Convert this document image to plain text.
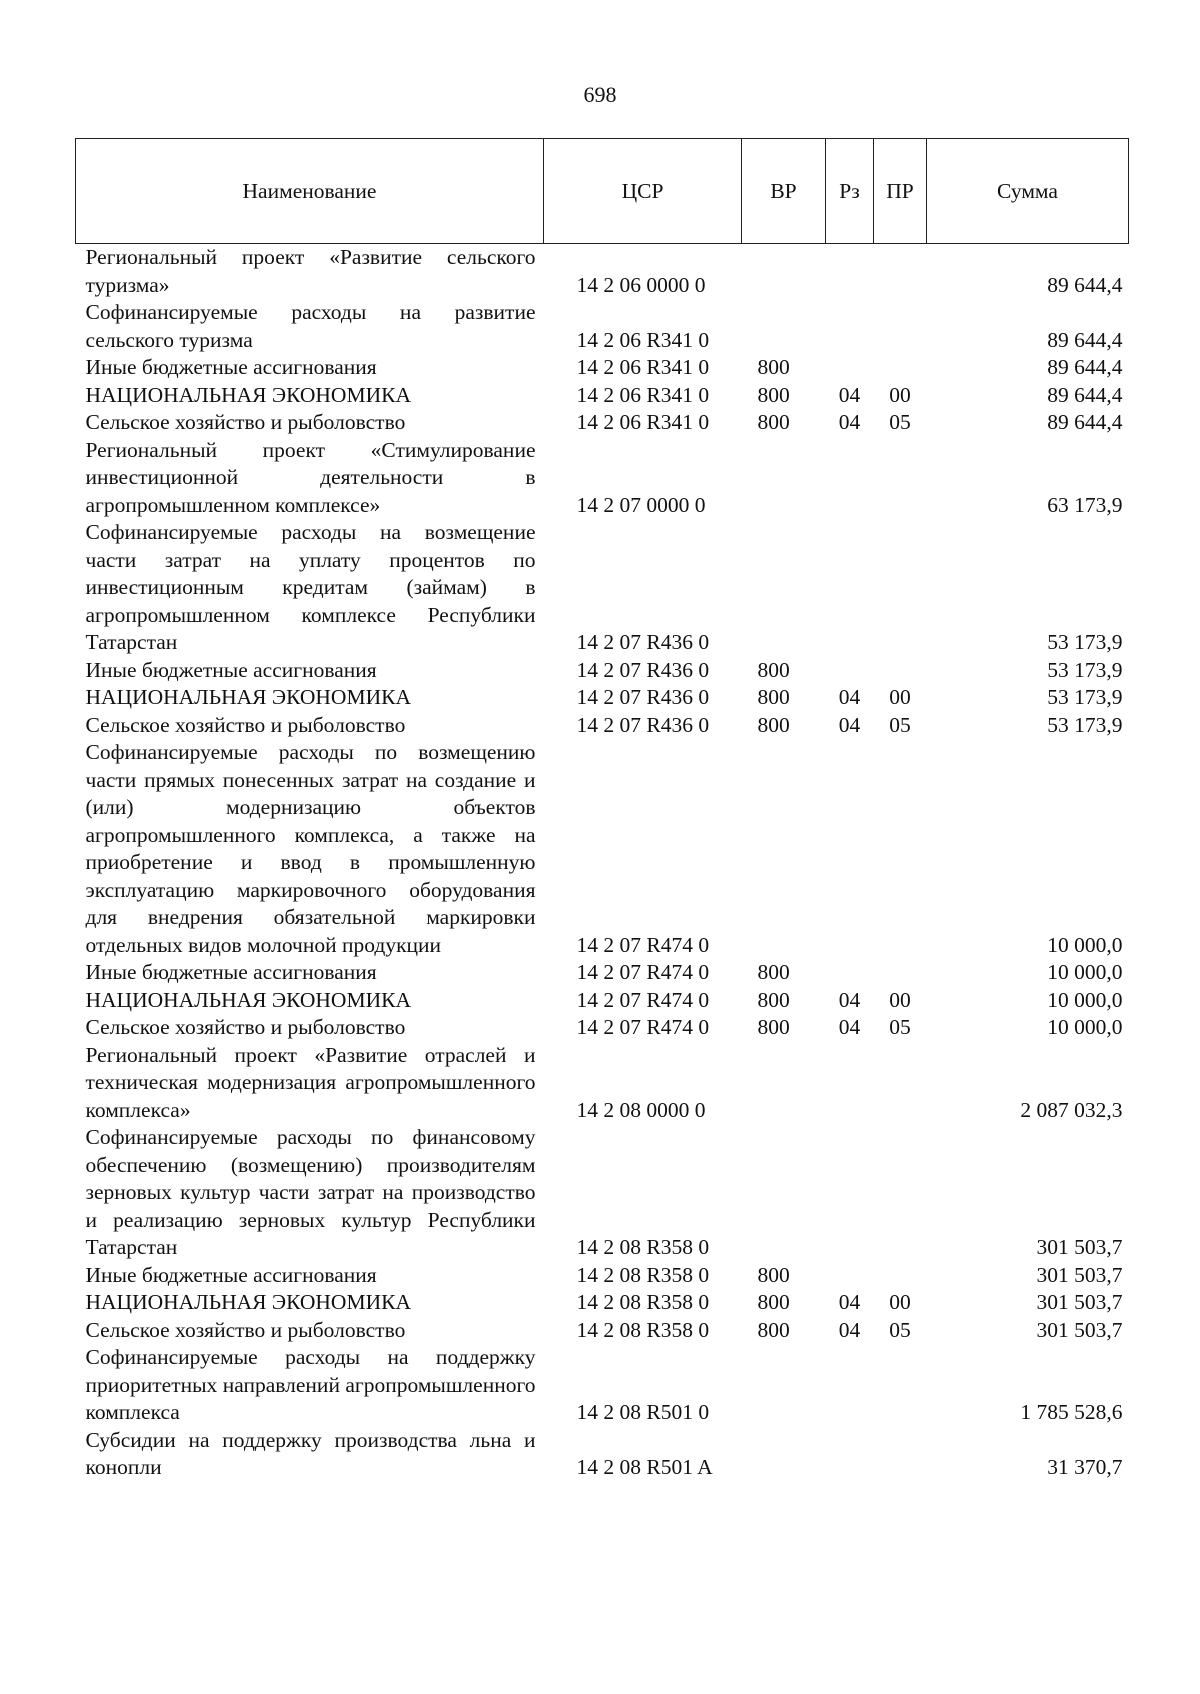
698
Наименование	ЦСР	ВР	Рз	ПР	Сумма
Региональный проект «Развитие сельского туризма»	14 2 06 0000 0				89 644,4
Софинансируемые расходы на развитие сельского туризма	14 2 06 R341 0				89 644,4
Иные бюджетные ассигнования	14 2 06 R341 0	800			89 644,4
НАЦИОНАЛЬНАЯ ЭКОНОМИКА	14 2 06 R341 0	800	04	00	89 644,4
Сельское хозяйство и рыболовство	14 2 06 R341 0	800	04	05	89 644,4
Региональный проект «Стимулирование инвестиционной деятельности в агропромышленном комплексе»	14 2 07 0000 0				63 173,9
Софинансируемые расходы на возмещение части затрат на уплату процентов по инвестиционным кредитам (займам) в агропромышленном комплексе Республики Татарстан	14 2 07 R436 0				53 173,9
Иные бюджетные ассигнования	14 2 07 R436 0	800			53 173,9
НАЦИОНАЛЬНАЯ ЭКОНОМИКА	14 2 07 R436 0	800	04	00	53 173,9
Сельское хозяйство и рыболовство	14 2 07 R436 0	800	04	05	53 173,9
Софинансируемые расходы по возмещению части прямых понесенных затрат на создание и (или) модернизацию объектов агропромышленного комплекса, а также на приобретение и ввод в промышленную эксплуатацию маркировочного оборудования для внедрения обязательной маркировки отдельных видов молочной продукции	14 2 07 R474 0				10 000,0
Иные бюджетные ассигнования	14 2 07 R474 0	800			10 000,0
НАЦИОНАЛЬНАЯ ЭКОНОМИКА	14 2 07 R474 0	800	04	00	10 000,0
Сельское хозяйство и рыболовство	14 2 07 R474 0	800	04	05	10 000,0
Региональный проект «Развитие отраслей и техническая модернизация агропромышленного комплекса»	14 2 08 0000 0				2 087 032,3
Софинансируемые расходы по финансовому обеспечению (возмещению) производителям зерновых культур части затрат на производство и реализацию зерновых культур Республики Татарстан	14 2 08 R358 0				301 503,7
Иные бюджетные ассигнования	14 2 08 R358 0	800			301 503,7
НАЦИОНАЛЬНАЯ ЭКОНОМИКА	14 2 08 R358 0	800	04	00	301 503,7
Сельское хозяйство и рыболовство	14 2 08 R358 0	800	04	05	301 503,7
Софинансируемые расходы на поддержку приоритетных направлений агропромышленного комплекса	14 2 08 R501 0				1 785 528,6
Субсидии на поддержку производства льна и конопли	14 2 08 R501 A				31 370,7
